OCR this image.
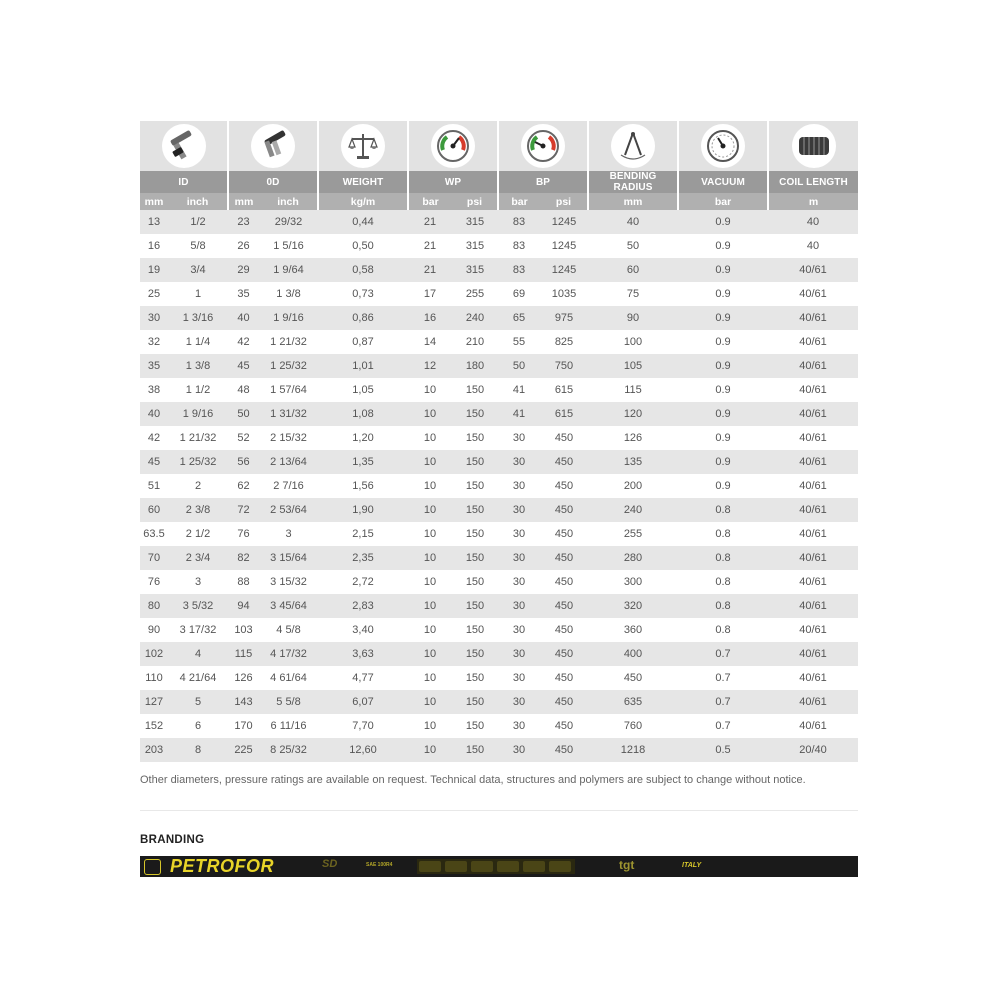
ID		0D		WEIGHT	WP		BP		BENDING RADIUS	VACUUM	COIL LENGTH
mm	inch	mm	inch	kg/m	bar	psi	bar	psi	mm	bar	m
13	1/2	23	29/32	0,44	21	315	83	1245	40	0.9	40
16	5/8	26	1 5/16	0,50	21	315	83	1245	50	0.9	40
19	3/4	29	1 9/64	0,58	21	315	83	1245	60	0.9	40/61
25	1	35	1 3/8	0,73	17	255	69	1035	75	0.9	40/61
30	1 3/16	40	1 9/16	0,86	16	240	65	975	90	0.9	40/61
32	1 1/4	42	1 21/32	0,87	14	210	55	825	100	0.9	40/61
35	1 3/8	45	1 25/32	1,01	12	180	50	750	105	0.9	40/61
38	1 1/2	48	1 57/64	1,05	10	150	41	615	115	0.9	40/61
40	1 9/16	50	1 31/32	1,08	10	150	41	615	120	0.9	40/61
42	1 21/32	52	2 15/32	1,20	10	150	30	450	126	0.9	40/61
45	1 25/32	56	2 13/64	1,35	10	150	30	450	135	0.9	40/61
51	2	62	2 7/16	1,56	10	150	30	450	200	0.9	40/61
60	2 3/8	72	2 53/64	1,90	10	150	30	450	240	0.8	40/61
63.5	2 1/2	76	3	2,15	10	150	30	450	255	0.8	40/61
70	2 3/4	82	3 15/64	2,35	10	150	30	450	280	0.8	40/61
76	3	88	3 15/32	2,72	10	150	30	450	300	0.8	40/61
80	3 5/32	94	3 45/64	2,83	10	150	30	450	320	0.8	40/61
90	3 17/32	103	4 5/8	3,40	10	150	30	450	360	0.8	40/61
102	4	115	4 17/32	3,63	10	150	30	450	400	0.7	40/61
110	4 21/64	126	4 61/64	4,77	10	150	30	450	450	0.7	40/61
127	5	143	5 5/8	6,07	10	150	30	450	635	0.7	40/61
152	6	170	6 11/16	7,70	10	150	30	450	760	0.7	40/61
203	8	225	8 25/32	12,60	10	150	30	450	1218	0.5	20/40
Other diameters, pressure ratings are available on request. Technical data, structures and polymers are subject to change without notice.
BRANDING
PETROFOR	SD	SAE 100R4	tgt	ITALY
